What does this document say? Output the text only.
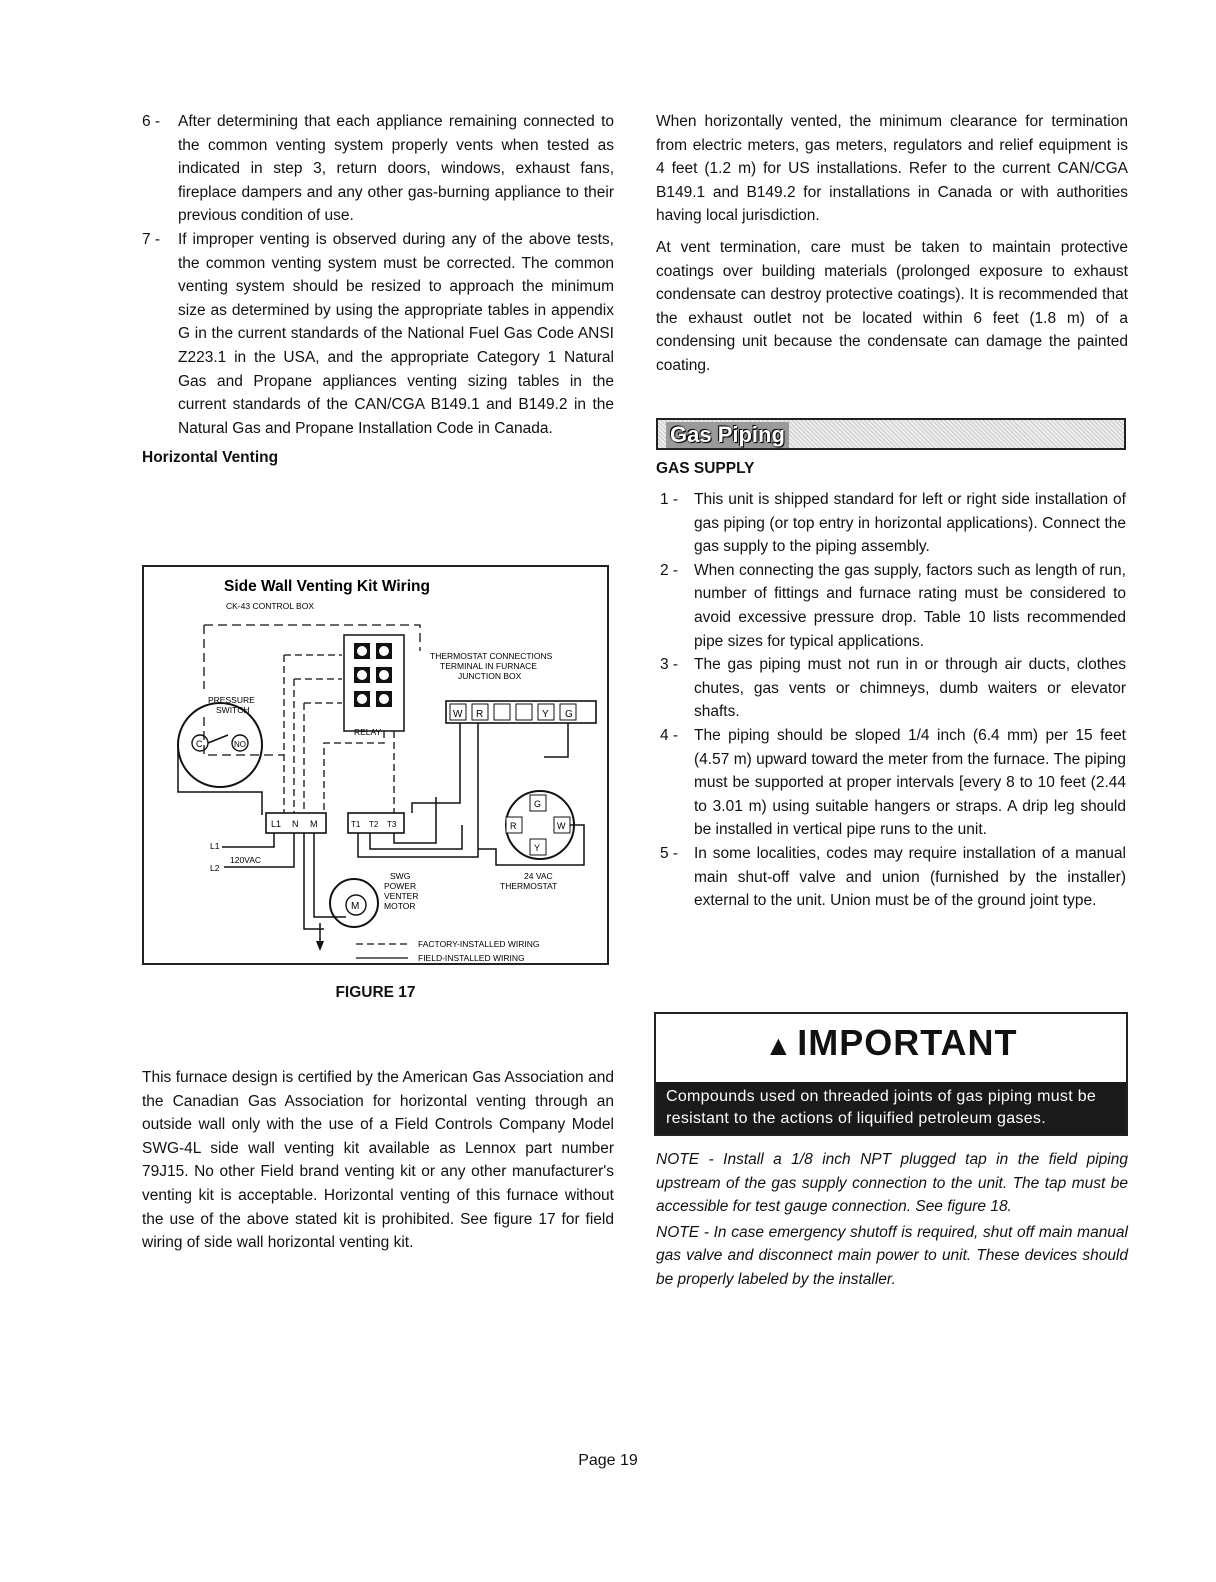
6 -	After determining that each appliance remaining connected to the common venting system properly vents when tested as indicated in step 3, return doors, windows, exhaust fans, fireplace dampers and any other gas-burning appliance to their previous condition of use.
7 -	If improper venting is observed during any of the above tests, the common venting system must be corrected. The common venting system should be resized to approach the minimum size as determined by using the appropriate tables in appendix G in the current standards of the National Fuel Gas Code ANSI Z223.1 in the USA, and the appropriate Category 1 Natural Gas and Propane appliances venting sizing tables in the current standards of the CAN/CGA B149.1 and B149.2 in the Natural Gas and Propane Installation Code in Canada.
Horizontal Venting
Side Wall Venting Kit Wiring
CK-43 CONTROL BOX
RELAY
THERMOSTAT CONNECTIONS
TERMINAL IN FURNACE
JUNCTION BOX
W R	Y G
PRESSURE
SWITCH
C	NO
L1 N M	T1 T2 T3
G
R	W
Y
L1
L2
120VAC
M
SWG
POWER
VENTER
MOTOR
24 VAC
THERMOSTAT
FACTORY-INSTALLED WIRING
FIELD-INSTALLED WIRING
FIGURE 17
This furnace design is certified by the American Gas Association and the Canadian Gas Association for horizontal venting through an outside wall only with the use of a Field Controls Company Model SWG-4L side wall venting kit available as Lennox part number 79J15. No other Field brand venting kit or any other manufacturer's venting kit is acceptable. Horizontal venting of this furnace without the use of the above stated kit is prohibited. See figure 17 for field wiring of side wall horizontal venting kit.

When horizontally vented, the minimum clearance for termination from electric meters, gas meters, regulators and relief equipment is 4 feet (1.2 m) for US installations. Refer to the current CAN/CGA B149.1 and B149.2 for installations in Canada or with authorities having local jurisdiction.

At vent termination, care must be taken to maintain protective coatings over building materials (prolonged exposure to exhaust condensate can destroy protective coatings). It is recommended that the exhaust outlet not be located within 6 feet (1.8 m) of a condensing unit because the condensate can damage the painted coating.

Gas Piping
GAS SUPPLY
1 -	This unit is shipped standard for left or right side installation of gas piping (or top entry in horizontal applications). Connect the gas supply to the piping assembly.
2 -	When connecting the gas supply, factors such as length of run, number of fittings and furnace rating must be considered to avoid excessive pressure drop. Table 10 lists recommended pipe sizes for typical applications.
3 -	The gas piping must not run in or through air ducts, clothes chutes, gas vents or chimneys, dumb waiters or elevator shafts.
4 -	The piping should be sloped 1/4 inch (6.4 mm) per 15 feet (4.57 m) upward toward the meter from the furnace. The piping must be supported at proper intervals [every 8 to 10 feet (2.44 to 3.01 m) using suitable hangers or straps. A drip leg should be installed in vertical pipe runs to the unit.
5 -	In some localities, codes may require installation of a manual main shut-off valve and union (furnished by the installer) external to the unit. Union must be of the ground joint type.
▲ IMPORTANT
Compounds used on threaded joints of gas piping must be resistant to the actions of liquified petroleum gases.

NOTE - Install a 1/8 inch NPT plugged tap in the field piping upstream of the gas supply connection to the unit. The tap must be accessible for test gauge connection. See figure 18.

NOTE - In case emergency shutoff is required, shut off main manual gas valve and disconnect main power to unit. These devices should be properly labeled by the installer.

Page 19
